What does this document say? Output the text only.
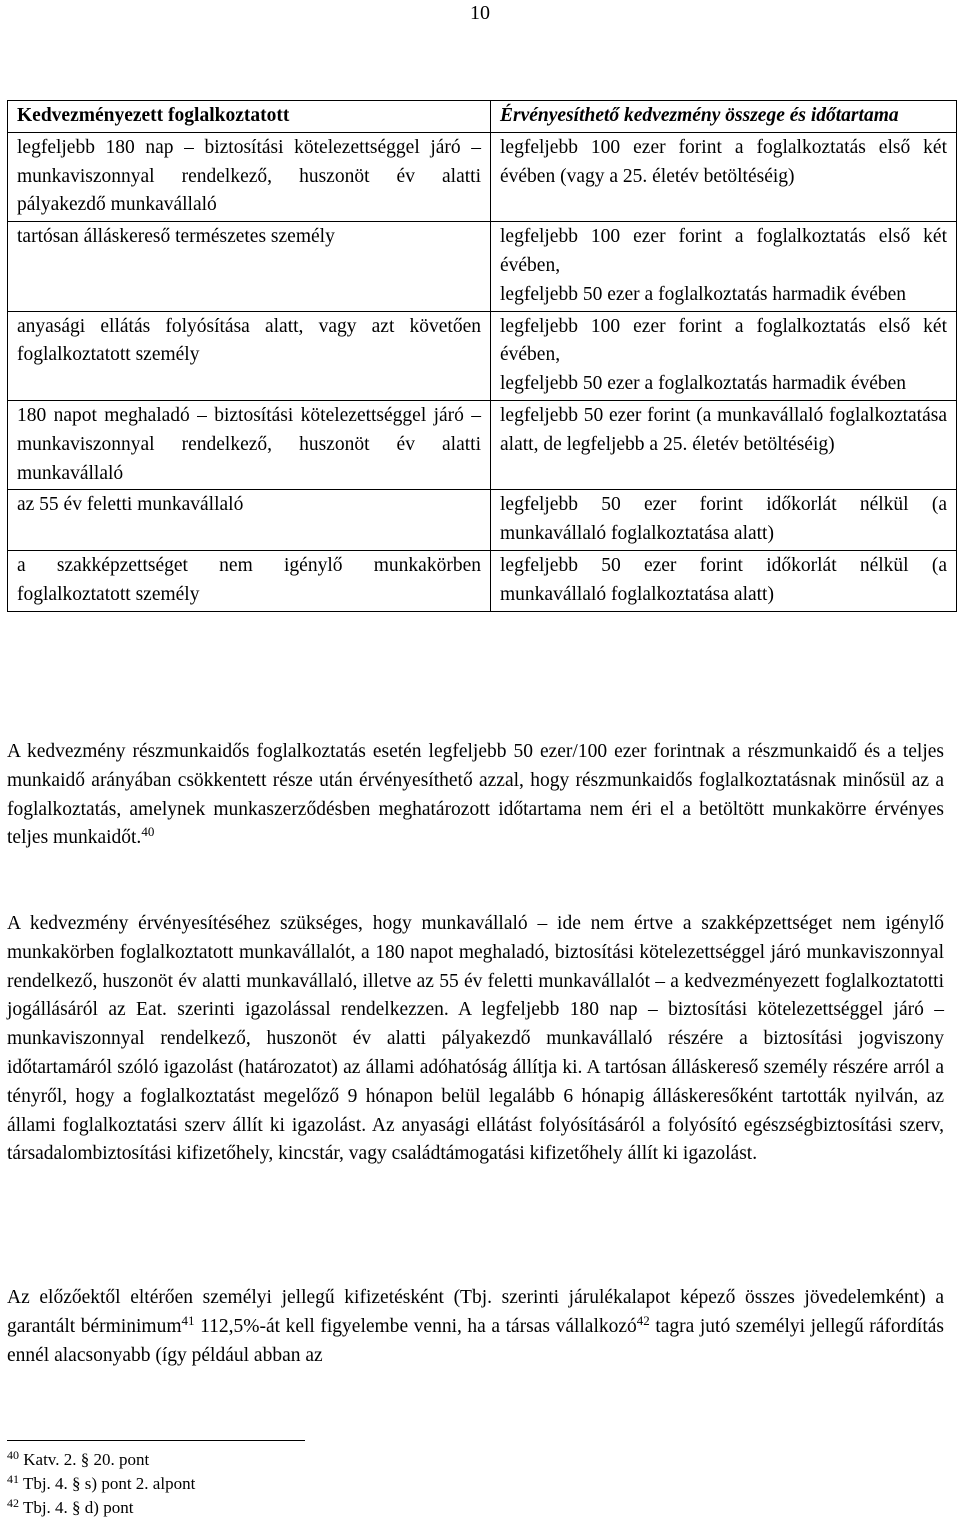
10
Kedvezményezett foglalkoztatott	Érvényesíthető kedvezmény összege és időtartama
legfeljebb 180 nap – biztosítási kötelezettséggel járó – munkaviszonnyal rendelkező, huszonöt év alatti pályakezdő munkavállaló	legfeljebb 100 ezer forint a foglalkoztatás első két évében (vagy a 25. életév betöltéséig)
tartósan álláskereső természetes személy	legfeljebb 100 ezer forint a foglalkoztatás első két évében,
legfeljebb 50 ezer a foglalkoztatás harmadik évében
anyasági ellátás folyósítása alatt, vagy azt követően foglalkoztatott személy	legfeljebb 100 ezer forint a foglalkoztatás első két évében,
legfeljebb 50 ezer a foglalkoztatás harmadik évében
180 napot meghaladó – biztosítási kötelezettséggel járó – munkaviszonnyal rendelkező, huszonöt év alatti munkavállaló	legfeljebb 50 ezer forint (a munkavállaló foglalkoztatása alatt, de legfeljebb a 25. életév betöltéséig)
az 55 év feletti munkavállaló	legfeljebb 50 ezer forint időkorlát nélkül (a munkavállaló foglalkoztatása alatt)
a szakképzettséget nem igénylő munkakörben foglalkoztatott személy	legfeljebb 50 ezer forint időkorlát nélkül (a munkavállaló foglalkoztatása alatt)

A kedvezmény részmunkaidős foglalkoztatás esetén legfeljebb 50 ezer/100 ezer forintnak a részmunkaidő és a teljes munkaidő arányában csökkentett része után érvényesíthető azzal, hogy részmunkaidős foglalkoztatásnak minősül az a foglalkoztatás, amelynek munkaszerződésben meghatározott időtartama nem éri el a betöltött munkakörre érvényes teljes munkaidőt.$^{40}$

A kedvezmény érvényesítéséhez szükséges, hogy munkavállaló – ide nem értve a szakképzettséget nem igénylő munkakörben foglalkoztatott munkavállalót, a 180 napot meghaladó, biztosítási kötelezettséggel járó munkaviszonnyal rendelkező, huszonöt év alatti munkavállaló, illetve az 55 év feletti munkavállalót – a kedvezményezett foglalkoztatotti jogállásáról az Eat. szerinti igazolással rendelkezzen. A legfeljebb 180 nap – biztosítási kötelezettséggel járó – munkaviszonnyal rendelkező, huszonöt év alatti pályakezdő munkavállaló részére a biztosítási jogviszony időtartamáról szóló igazolást (határozatot) az állami adóhatóság állítja ki. A tartósan álláskereső személy részére arról a tényről, hogy a foglalkoztatást megelőző 9 hónapon belül legalább 6 hónapig álláskeresőként tartották nyilván, az állami foglalkoztatási szerv állít ki igazolást. Az anyasági ellátást folyósításáról a folyósító egészségbiztosítási szerv, társadalombiztosítási kifizetőhely, kincstár, vagy családtámogatási kifizetőhely állít ki igazolást.

Az előzőektől eltérően személyi jellegű kifizetésként (Tbj. szerinti járulékalapot képező összes jövedelemként) a garantált bérminimum$^{41}$ 112,5%-át kell figyelembe venni, ha a társas vállalkozó$^{42}$ tagra jutó személyi jellegű ráfordítás ennél alacsonyabb (így például abban az

$^{40}$ Katv. 2. § 20. pont
$^{41}$ Tbj. 4. § s) pont 2. alpont
$^{42}$ Tbj. 4. § d) pont
